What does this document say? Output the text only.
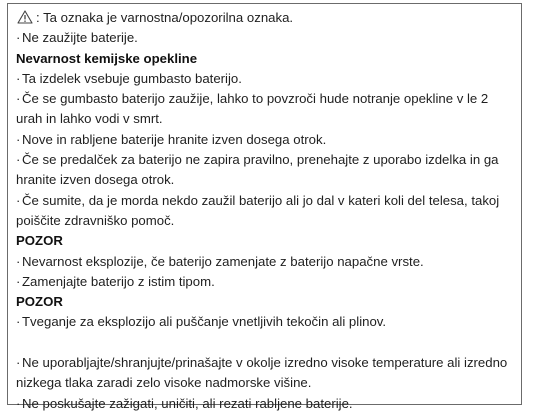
: Ta oznaka je varnostna/opozorilna oznaka.

· Ne zaužijte baterije.

Nevarnost kemijske opekline

· Ta izdelek vsebuje gumbasto baterijo.

· Če se gumbasto baterijo zaužije, lahko to povzroči hude notranje opekline v le 2 urah in lahko vodi v smrt.

· Nove in rabljene baterije hranite izven dosega otrok.

· Če se predalček za baterijo ne zapira pravilno, prenehajte z uporabo izdelka in ga hranite izven dosega otrok.

· Če sumite, da je morda nekdo zaužil baterijo ali jo dal v kateri koli del telesa, takoj poiščite zdravniško pomoč.

POZOR

· Nevarnost eksplozije, če baterijo zamenjate z baterijo napačne vrste.

· Zamenjajte baterijo z istim tipom.

POZOR

· Tveganje za eksplozijo ali puščanje vnetljivih tekočin ali plinov.

· Ne uporabljajte/shranjujte/prinašajte v okolje izredno visoke temperature ali izredno nizkega tlaka zaradi zelo visoke nadmorske višine.

· Ne poskušajte zažigati, uničiti, ali rezati rabljene baterije.
